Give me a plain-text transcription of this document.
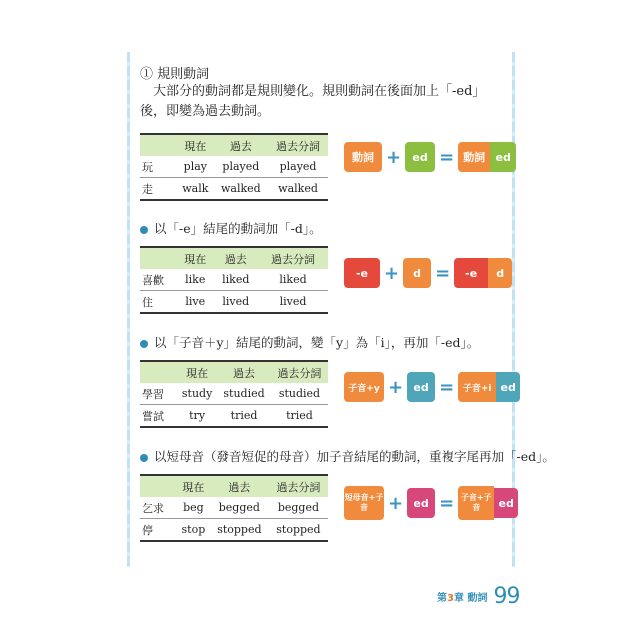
① 規則動詞
大部分的動詞都是規則變化。規則動詞在後面加上「-ed」後，即變為過去動詞。
	現在	過去	過去分詞
玩	play	played	played
走	walk	walked	walked
動詞 +	ed = 動詞 ed
以「-e」結尾的動詞加「-d」。
	現在	過去	過去分詞
喜歡	like	liked	liked
住	live	lived	lived
-e +	d =	-e	d
以「子音＋y」結尾的動詞，變「y」為「i」，再加「-ed」。
	現在	過去	過去分詞
學習	study	studied	studied
嘗試	try	tried	tried
子音+y + ed = 子音+i ed
以短母音（發音短促的母音）加子音結尾的動詞，重複字尾再加「-ed」。
	現在	過去	過去分詞
乞求	beg	begged	begged
停	stop	stopped	stopped
短母音+子音	+ ed = 子音+子音	ed
第3章 動詞 99
